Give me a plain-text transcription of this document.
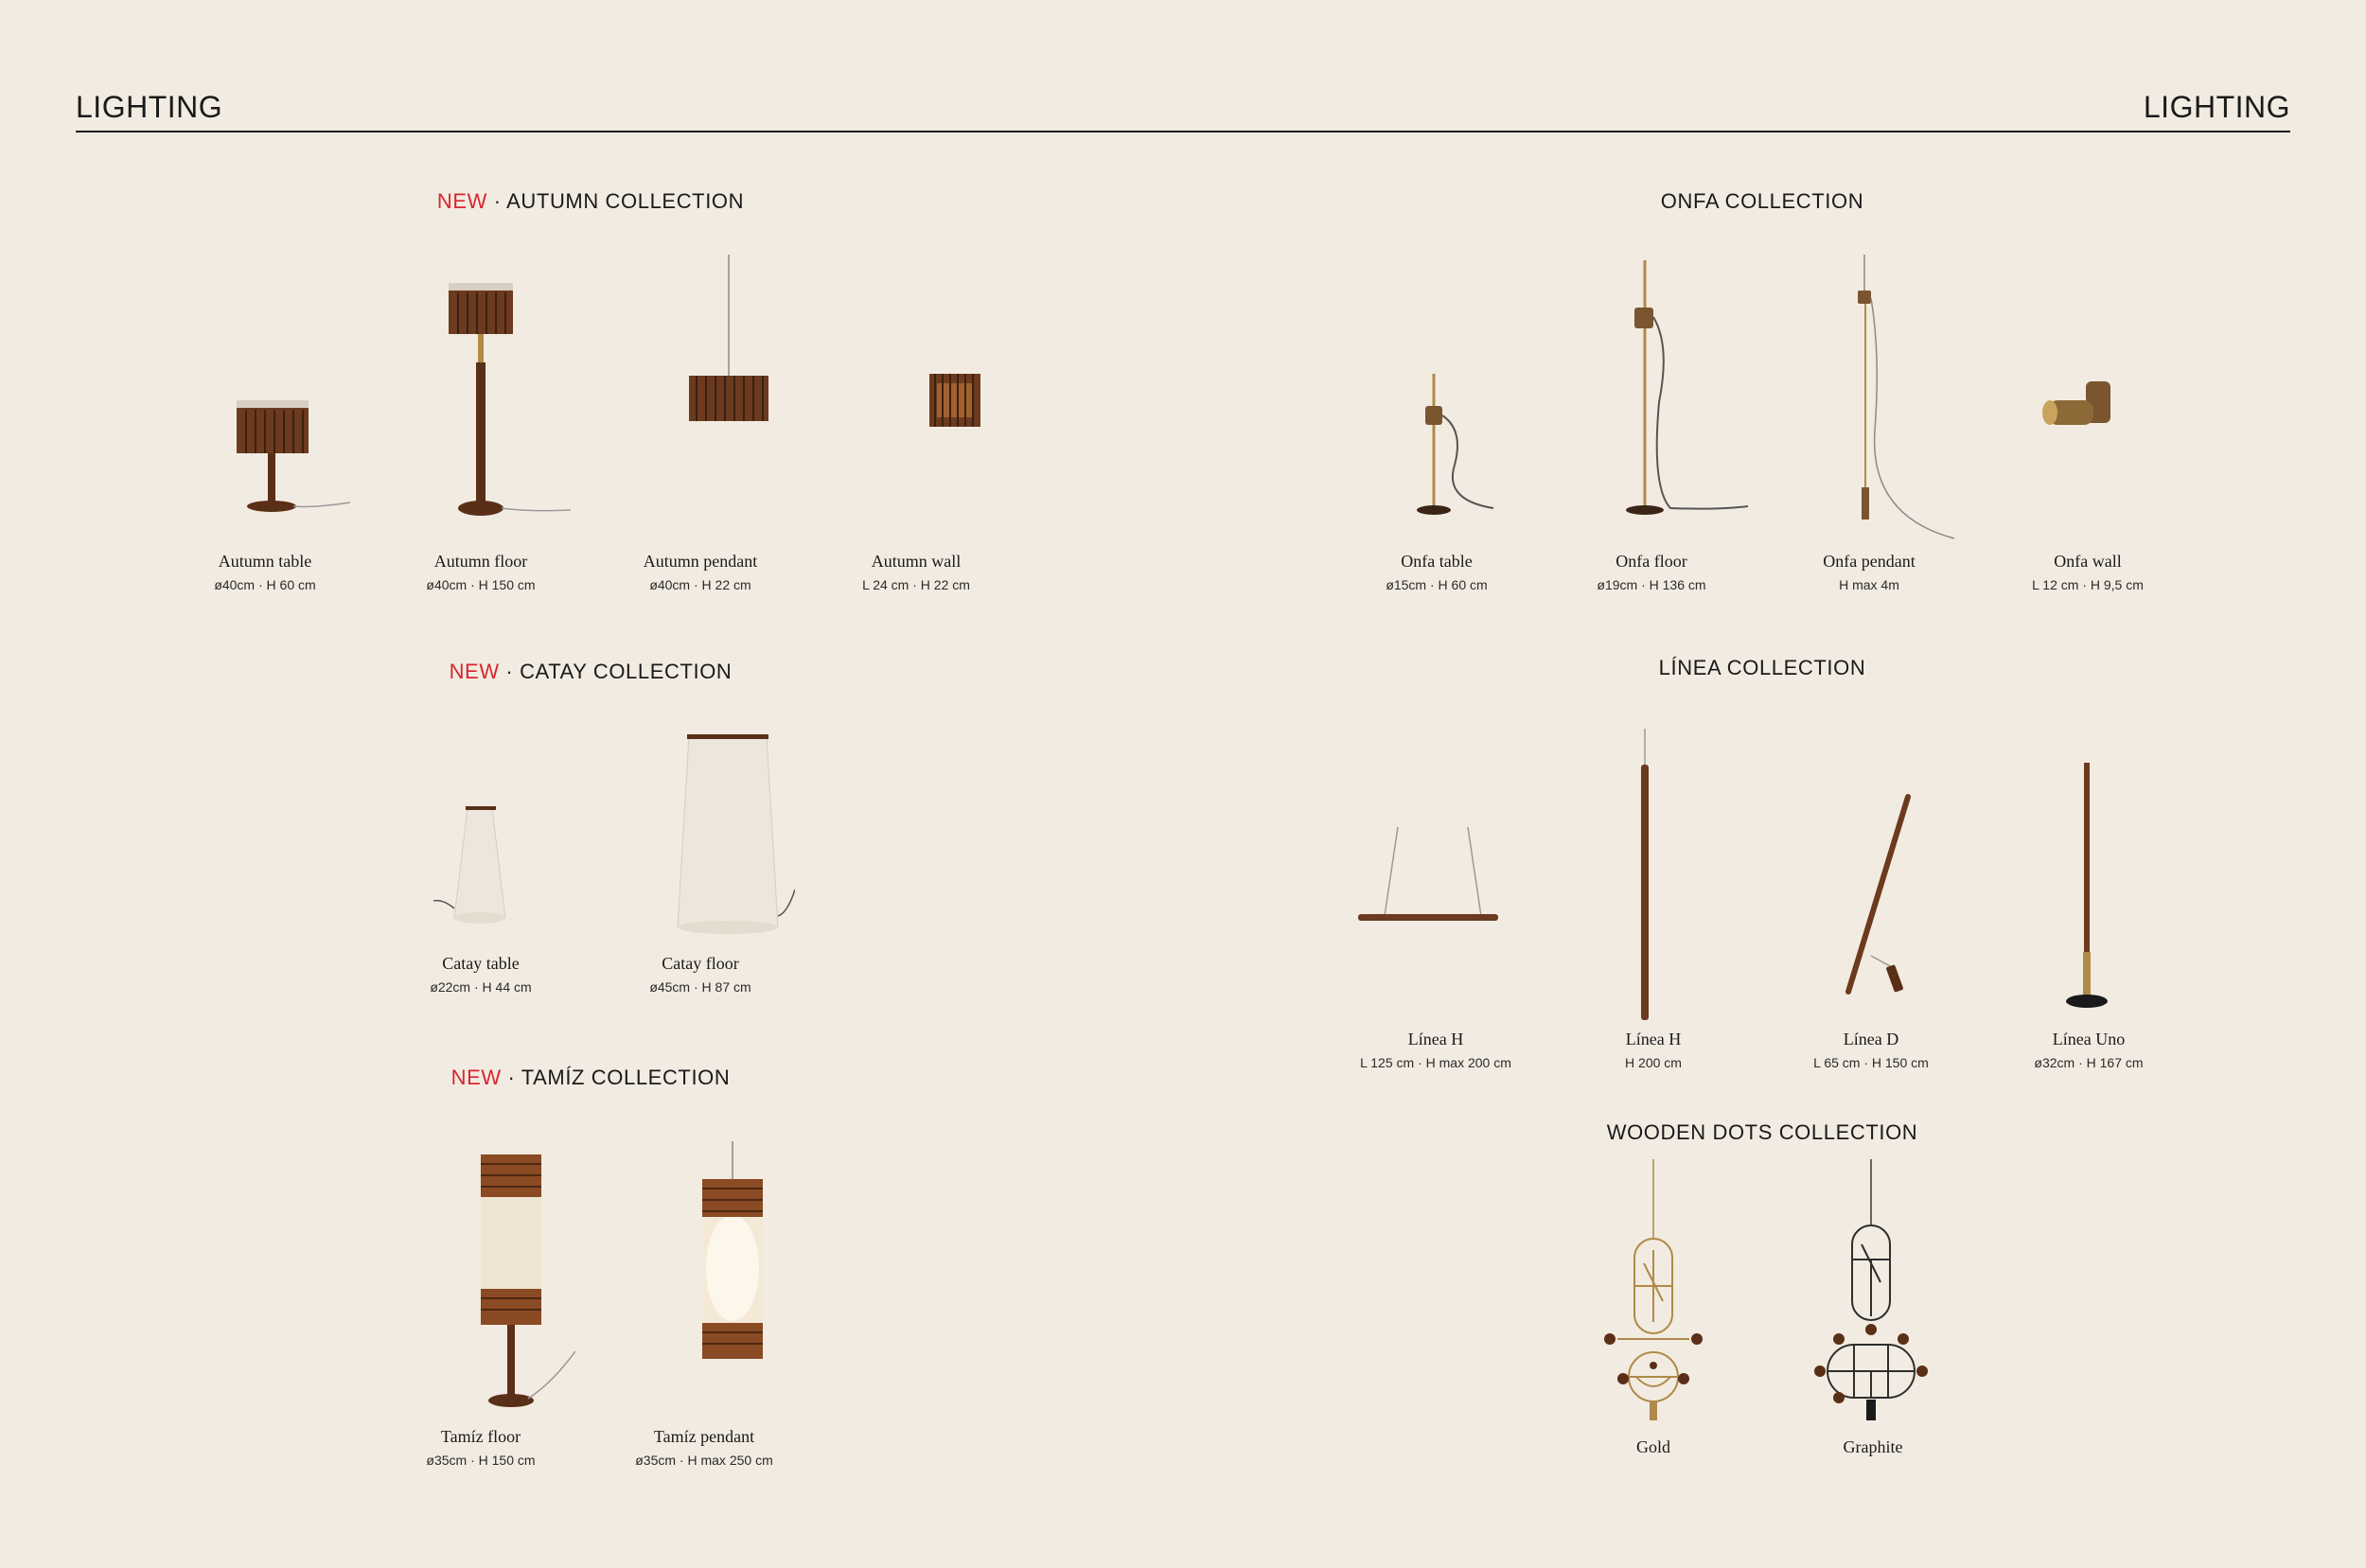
LIGHTING	LIGHTING
NEW · AUTUMN COLLECTION
Autumn table
ø40cm · H 60 cm
Autumn floor
ø40cm · H 150 cm
Autumn pendant
ø40cm · H 22 cm
Autumn wall
L 24 cm · H 22 cm
NEW · CATAY COLLECTION
Catay table
ø22cm · H 44 cm
Catay floor
ø45cm · H 87 cm
NEW · TAMÍZ COLLECTION
Tamíz floor
ø35cm · H 150 cm
Tamíz pendant
ø35cm · H max 250 cm
ONFA COLLECTION
Onfa table
ø15cm · H 60 cm
Onfa floor
ø19cm · H 136 cm
Onfa pendant
H max 4m
Onfa wall
L 12 cm · H 9,5 cm
LÍNEA COLLECTION
Línea H
L 125 cm · H max 200 cm
Línea H
H 200 cm
Línea D
L 65 cm · H 150 cm
Línea Uno
ø32cm · H 167 cm
WOODEN DOTS COLLECTION
Gold	Graphite
